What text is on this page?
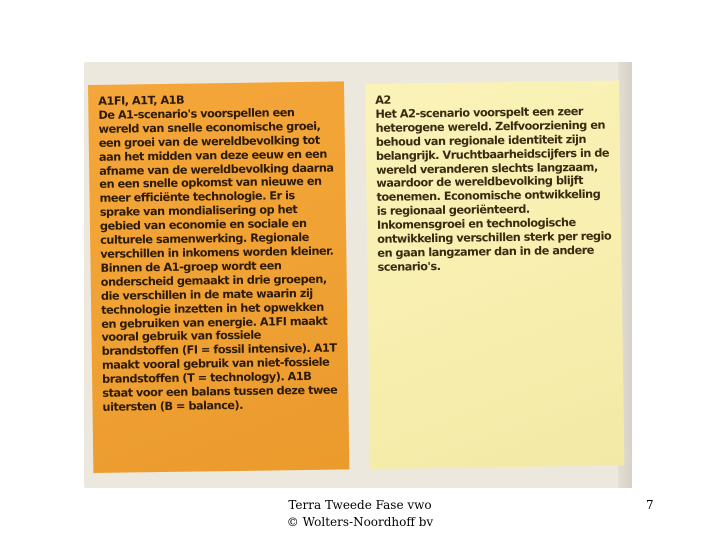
A1FI, A1T, A1B
De A1-scenario's voorspellen een wereld van snelle economische groei, een groei van de wereldbevolking tot aan het midden van deze eeuw en een afname van de wereldbevolking daarna en een snelle opkomst van nieuwe en meer efficiënte technologie. Er is sprake van mondialisering op het gebied van economie en sociale en culturele samenwerking. Regionale verschillen in inkomens worden kleiner. Binnen de A1-groep wordt een onderscheid gemaakt in drie groepen, die verschillen in de mate waarin zij technologie inzetten in het opwekken en gebruiken van energie. A1FI maakt vooral gebruik van fossiele brandstoffen (FI = fossil intensive). A1T maakt vooral gebruik van niet-fossiele brandstoffen (T = technology). A1B staat voor een balans tussen deze twee uitersten (B = balance).
A2
Het A2-scenario voorspelt een zeer heterogene wereld. Zelfvoorziening en behoud van regionale identiteit zijn belangrijk. Vruchtbaarheidscijfers in de wereld veranderen slechts langzaam, waardoor de wereldbevolking blijft toenemen. Economische ontwikkeling is regionaal georiënteerd. Inkomensgroei en technologische ontwikkeling verschillen sterk per regio en gaan langzamer dan in de andere scenario's.
Terra Tweede Fase vwo
© Wolters-Noordhoff bv
7
